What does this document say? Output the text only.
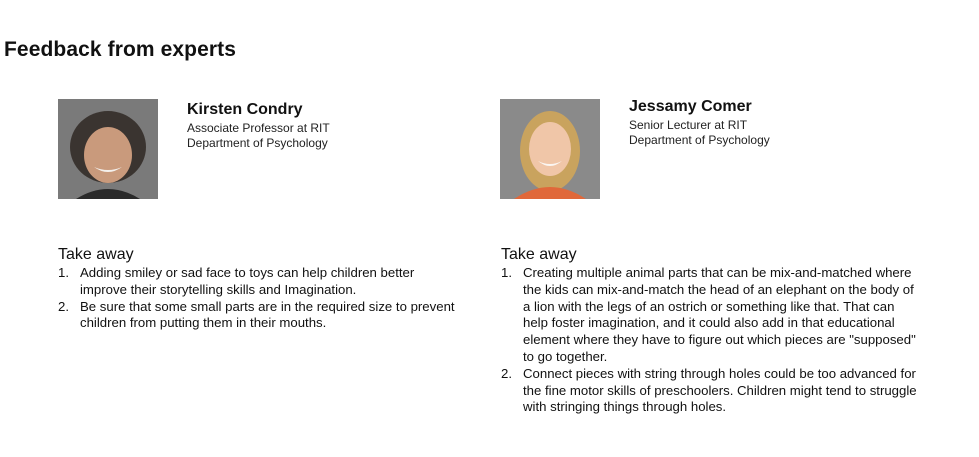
Feedback from experts
Kirsten Condry
Associate Professor at RIT
Department of Psychology
Take away
1. Adding smiley or sad face to toys can help children better improve their storytelling skills and Imagination.
2. Be sure that some small parts are in the required size to prevent children from putting them in their mouths.
Jessamy Comer
Senior Lecturer at RIT
Department of Psychology
Take away
1. Creating multiple animal parts that can be mix-and-matched where the kids can mix-and-match the head of an elephant on the body of a lion with the legs of an ostrich or something like that. That can help foster imagination, and it could also add in that educational element where they have to figure out which pieces are "supposed" to go together.
2. Connect pieces with string through holes could be too advanced for the fine motor skills of preschoolers. Children might tend to struggle with stringing things through holes.
